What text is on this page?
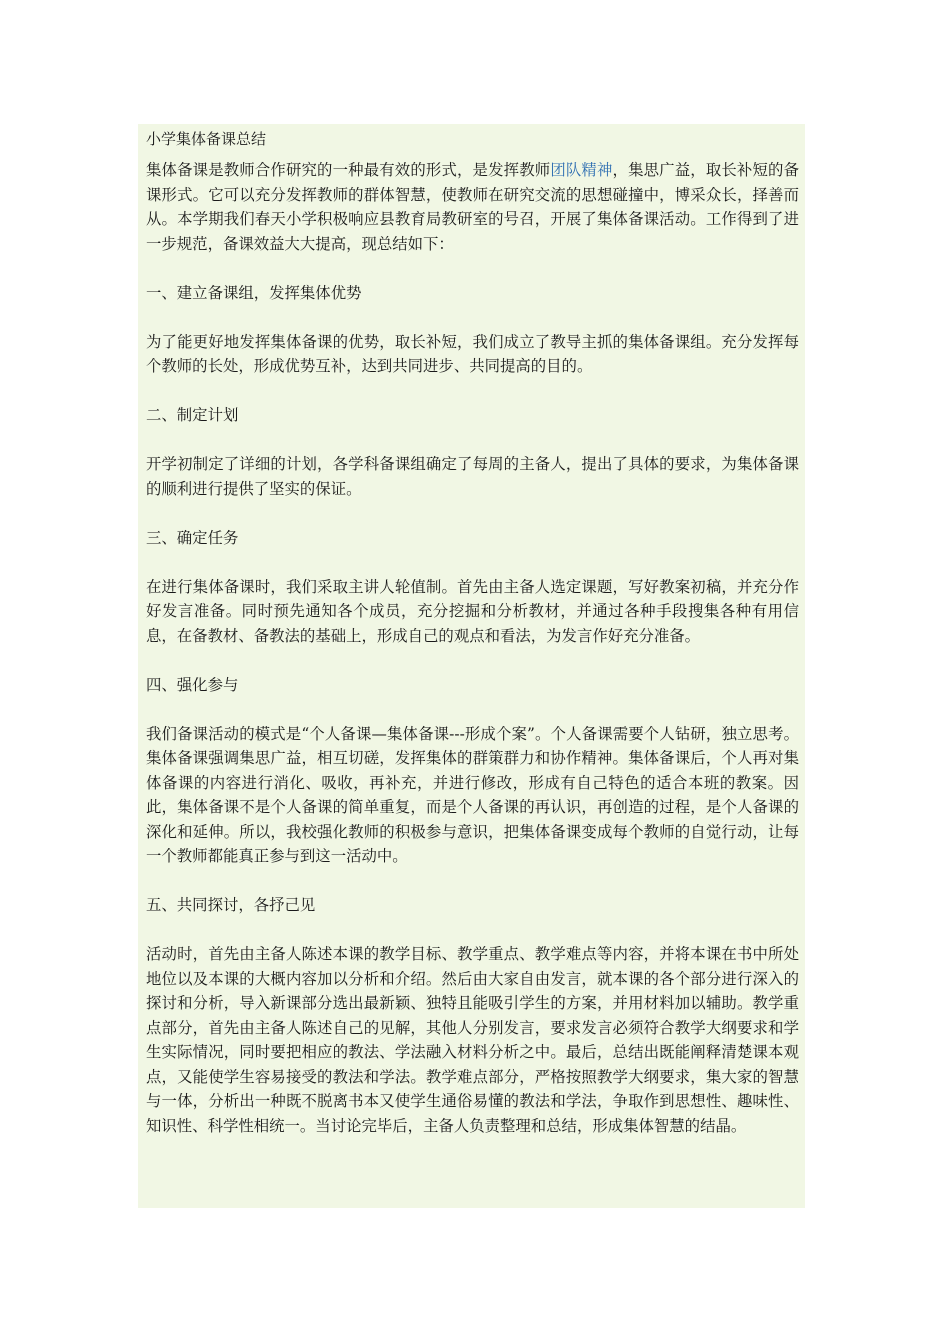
小学集体备课总结

集体备课是教师合作研究的一种最有效的形式，是发挥教师团队精神，集思广益，取长补短的备课形式。它可以充分发挥教师的群体智慧，使教师在研究交流的思想碰撞中，博采众长，择善而从。本学期我们春天小学积极响应县教育局教研室的号召，开展了集体备课活动。工作得到了进一步规范，备课效益大大提高，现总结如下：

一、建立备课组，发挥集体优势

为了能更好地发挥集体备课的优势，取长补短，我们成立了教导主抓的集体备课组。充分发挥每个教师的长处，形成优势互补，达到共同进步、共同提高的目的。

二、制定计划

开学初制定了详细的计划，各学科备课组确定了每周的主备人，提出了具体的要求，为集体备课的顺利进行提供了坚实的保证。

三、确定任务

在进行集体备课时，我们采取主讲人轮值制。首先由主备人选定课题，写好教案初稿，并充分作好发言准备。同时预先通知各个成员，充分挖掘和分析教材，并通过各种手段搜集各种有用信息，在备教材、备教法的基础上，形成自己的观点和看法，为发言作好充分准备。

四、强化参与

我们备课活动的模式是“个人备课—集体备课---形成个案”。个人备课需要个人钻研，独立思考。集体备课强调集思广益，相互切磋，发挥集体的群策群力和协作精神。集体备课后，个人再对集体备课的内容进行消化、吸收，再补充，并进行修改，形成有自己特色的适合本班的教案。因此，集体备课不是个人备课的简单重复，而是个人备课的再认识，再创造的过程，是个人备课的深化和延伸。所以，我校强化教师的积极参与意识，把集体备课变成每个教师的自觉行动，让每一个教师都能真正参与到这一活动中。

五、共同探讨，各抒己见

活动时，首先由主备人陈述本课的教学目标、教学重点、教学难点等内容，并将本课在书中所处地位以及本课的大概内容加以分析和介绍。然后由大家自由发言，就本课的各个部分进行深入的探讨和分析，导入新课部分选出最新颖、独特且能吸引学生的方案，并用材料加以辅助。教学重点部分，首先由主备人陈述自己的见解，其他人分别发言，要求发言必须符合教学大纲要求和学生实际情况，同时要把相应的教法、学法融入材料分析之中。最后，总结出既能阐释清楚课本观点，又能使学生容易接受的教法和学法。教学难点部分，严格按照教学大纲要求，集大家的智慧与一体，分析出一种既不脱离书本又使学生通俗易懂的教法和学法，争取作到思想性、趣味性、知识性、科学性相统一。当讨论完毕后，主备人负责整理和总结，形成集体智慧的结晶。
